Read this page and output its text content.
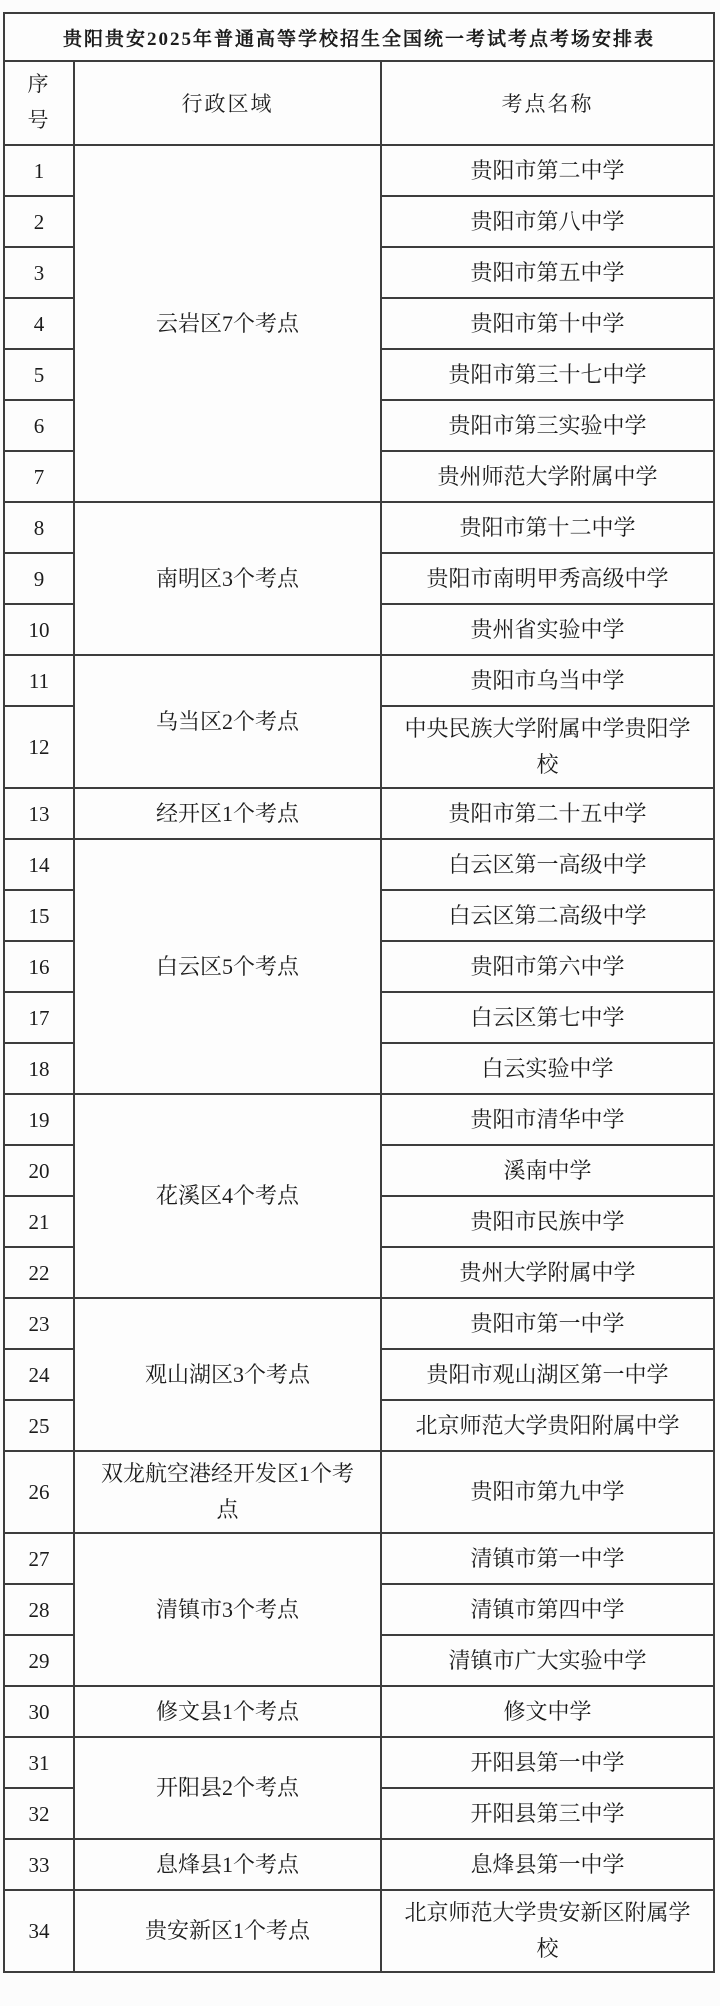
贵阳贵安2025年普通高等学校招生全国统一考试考点考场安排表		
序号	行政区域	考点名称
1	云岩区7个考点	贵阳市第二中学
2		贵阳市第八中学
3		贵阳市第五中学
4		贵阳市第十中学
5		贵阳市第三十七中学
6		贵阳市第三实验中学
7		贵州师范大学附属中学
8	南明区3个考点	贵阳市第十二中学
9		贵阳市南明甲秀高级中学
10		贵州省实验中学
11	乌当区2个考点	贵阳市乌当中学
12		中央民族大学附属中学贵阳学校
13	经开区1个考点	贵阳市第二十五中学
14	白云区5个考点	白云区第一高级中学
15		白云区第二高级中学
16		贵阳市第六中学
17		白云区第七中学
18		白云实验中学
19	花溪区4个考点	贵阳市清华中学
20		溪南中学
21		贵阳市民族中学
22		贵州大学附属中学
23	观山湖区3个考点	贵阳市第一中学
24		贵阳市观山湖区第一中学
25		北京师范大学贵阳附属中学
26	双龙航空港经开发区1个考点	贵阳市第九中学
27	清镇市3个考点	清镇市第一中学
28		清镇市第四中学
29		清镇市广大实验中学
30	修文县1个考点	修文中学
31	开阳县2个考点	开阳县第一中学
32		开阳县第三中学
33	息烽县1个考点	息烽县第一中学
34	贵安新区1个考点	北京师范大学贵安新区附属学校
